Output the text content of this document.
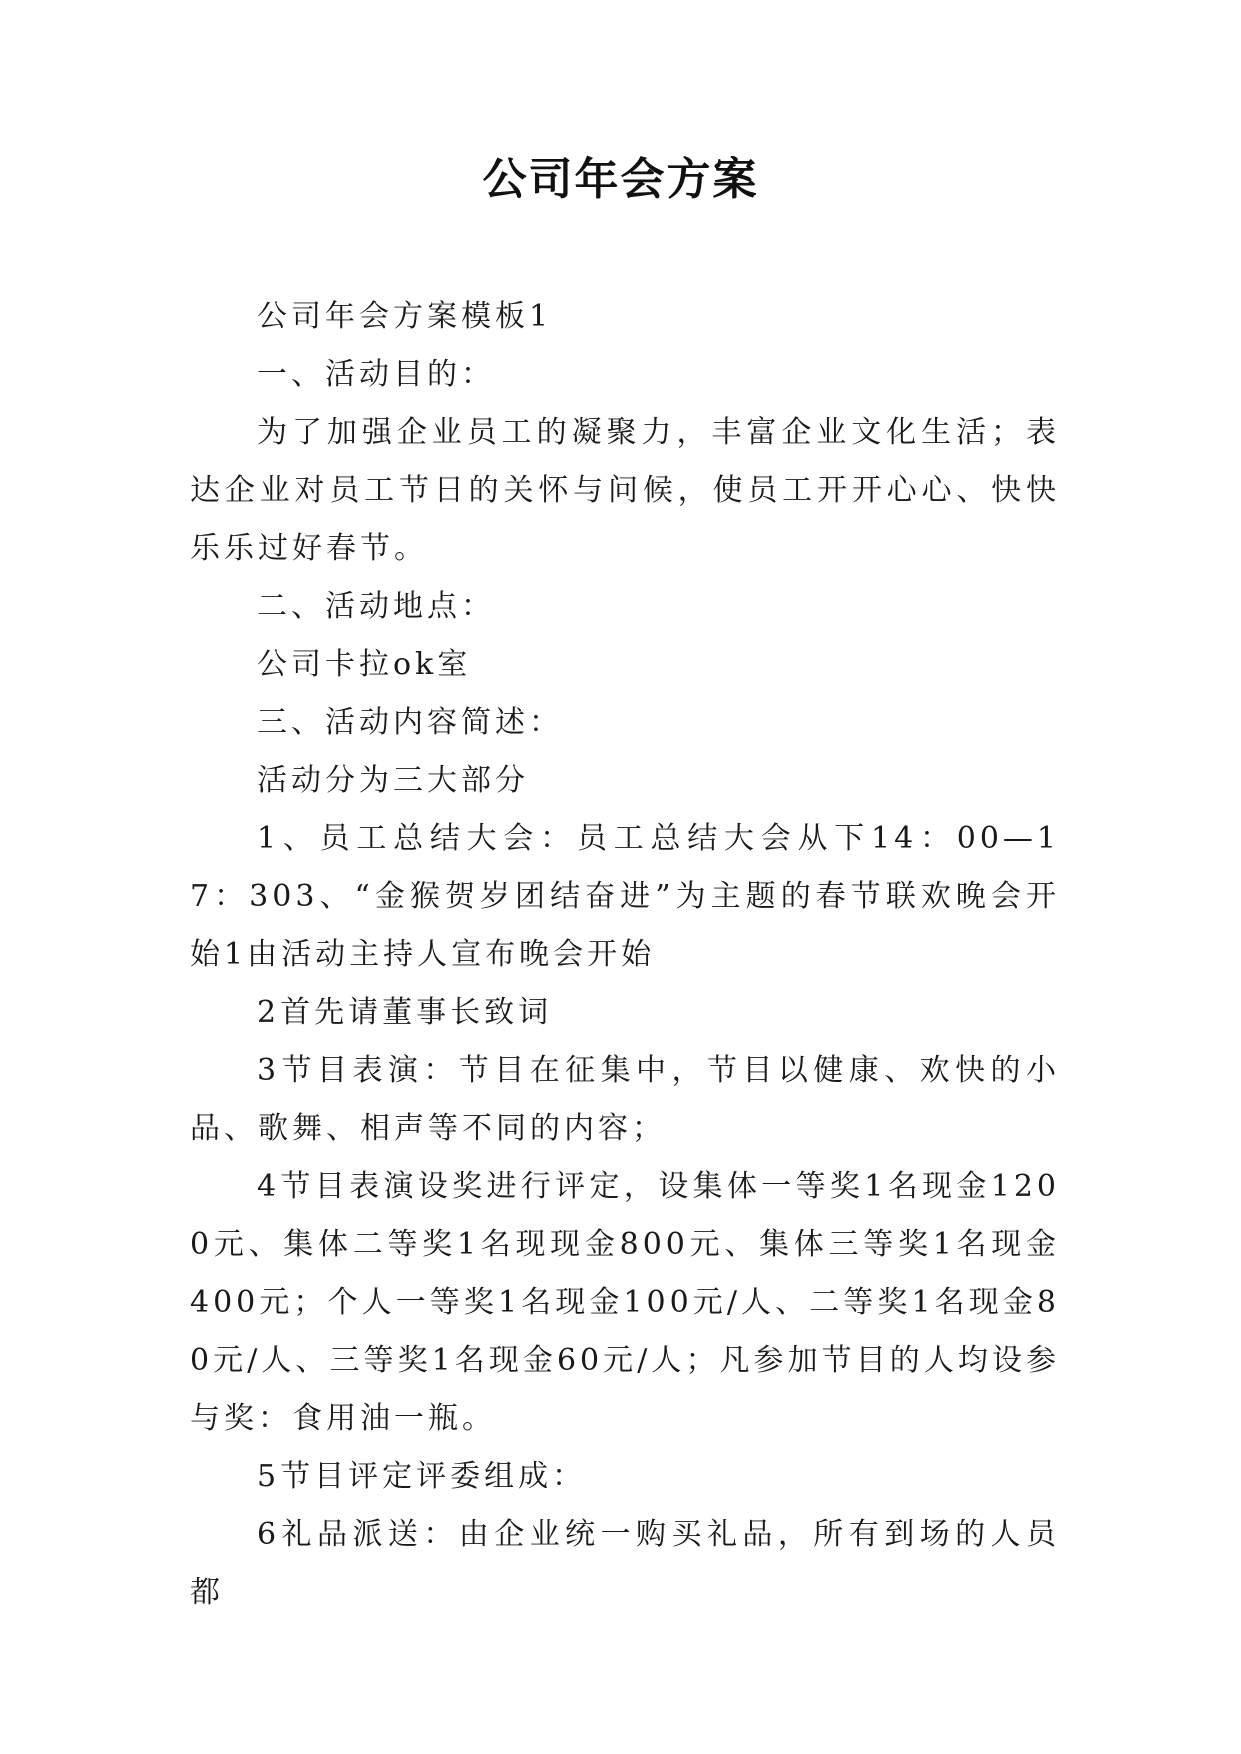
公司年会方案

公司年会方案模板1

一、活动目的：

为了加强企业员工的凝聚力，丰富企业文化生活；表达企业对员工节日的关怀与问候，使员工开开心心、快快乐乐过好春节。

二、活动地点：

公司卡拉ok室

三、活动内容简述：

活动分为三大部分

1、员工总结大会：员工总结大会从下14：00—17：303、“金猴贺岁团结奋进”为主题的春节联欢晚会开始1由活动主持人宣布晚会开始

2首先请董事长致词

3节目表演：节目在征集中，节目以健康、欢快的小品、歌舞、相声等不同的内容；

4节目表演设奖进行评定，设集体一等奖1名现金1200元、集体二等奖1名现现金800元、集体三等奖1名现金400元；个人一等奖1名现金100元/人、二等奖1名现金80元/人、三等奖1名现金60元/人；凡参加节目的人均设参与奖：食用油一瓶。

5节目评定评委组成：

6礼品派送：由企业统一购买礼品，所有到场的人员都
